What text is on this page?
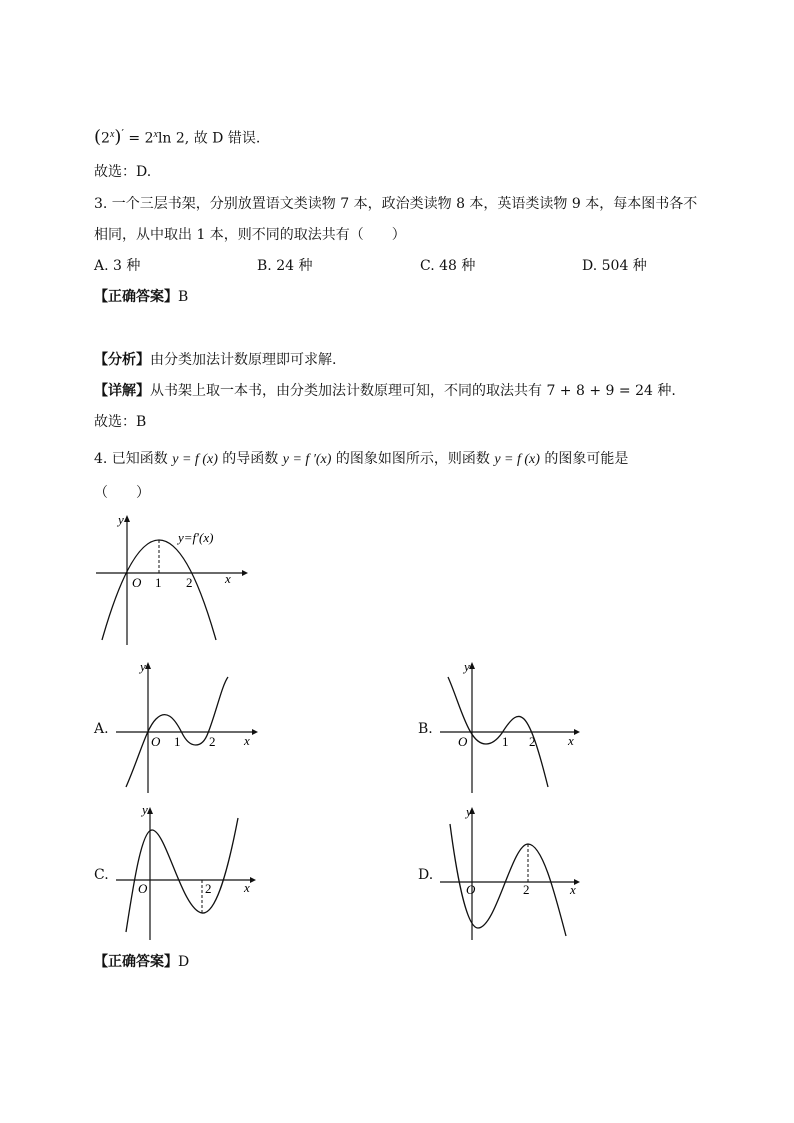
$(2^x)' = 2^x\ln$ 2, 故 D 错误.
故选：D.
3. 一个三层书架，分别放置语文类读物 7 本，政治类读物 8 本，英语类读物 9 本，每本图书各不
相同，从中取出 1 本，则不同的取法共有（　　）
A. 3 种	B. 24 种	C. 48 种	D. 504 种
【正确答案】B
【分析】由分类加法计数原理即可求解.
【详解】从书架上取一本书，由分类加法计数原理可知，不同的取法共有 7 + 8 + 9 = 24 种.
故选：B
4. 已知函数 y = f (x) 的导函数 y = f ′(x) 的图象如图所示，则函数 y = f (x) 的图象可能是
（　　）
y
x
O 1 2
y=f′(x)
A.
y
x
O 1 2
B.
y
x
O	1 2
C.
y
x
O	2
D.
y
x
O	2
【正确答案】D
